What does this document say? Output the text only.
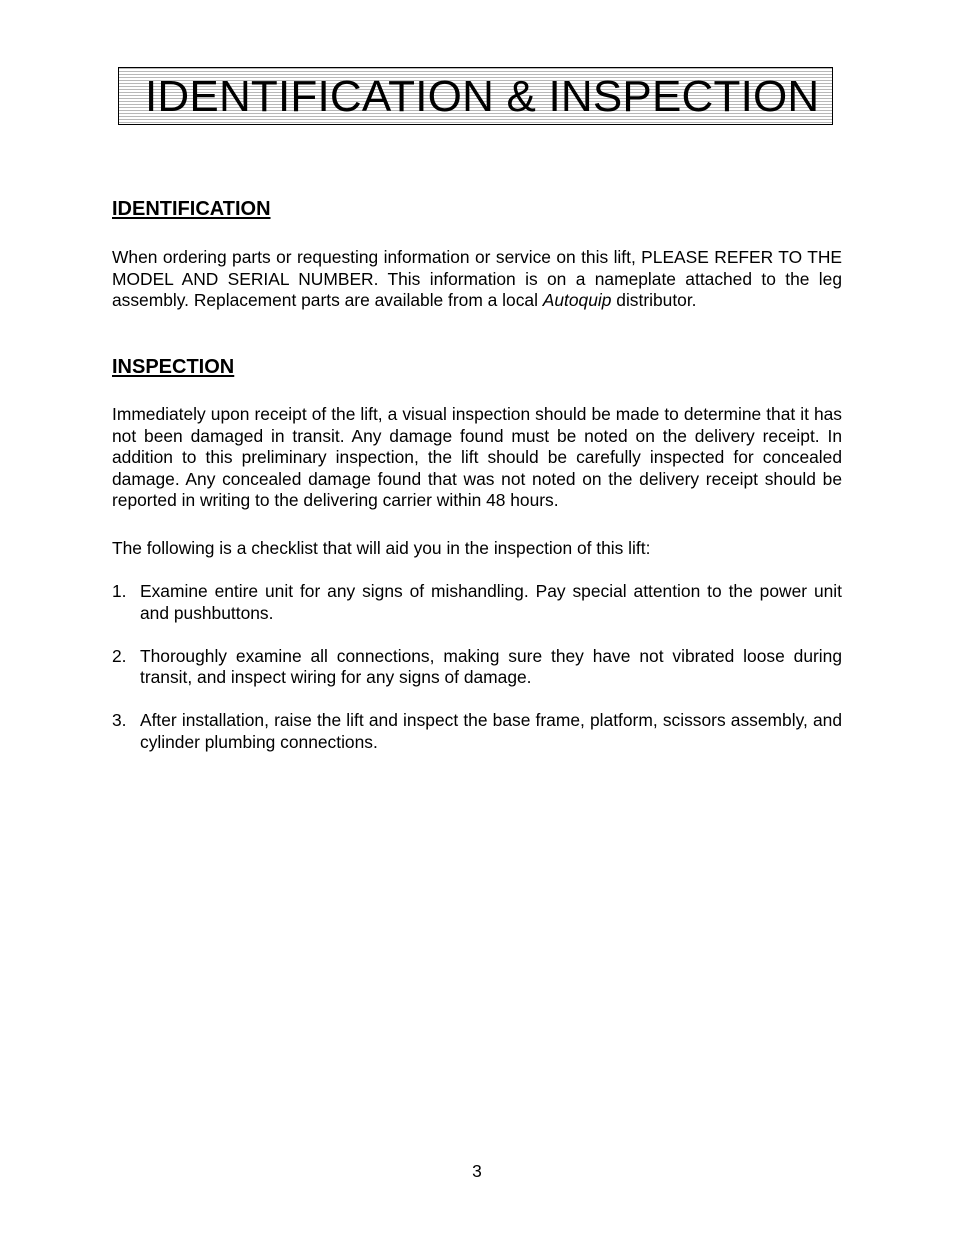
IDENTIFICATION & INSPECTION
IDENTIFICATION

When ordering parts or requesting information or service on this lift, PLEASE REFER TO THE MODEL AND SERIAL NUMBER. This information is on a nameplate attached to the leg assembly. Replacement parts are available from a local Autoquip distributor.

INSPECTION

Immediately upon receipt of the lift, a visual inspection should be made to determine that it has not been damaged in transit. Any damage found must be noted on the delivery receipt. In addition to this preliminary inspection, the lift should be carefully inspected for concealed damage. Any concealed damage found that was not noted on the delivery receipt should be reported in writing to the delivering carrier within 48 hours.

The following is a checklist that will aid you in the inspection of this lift:

1. Examine entire unit for any signs of mishandling. Pay special attention to the power unit and pushbuttons.
2. Thoroughly examine all connections, making sure they have not vibrated loose during transit, and inspect wiring for any signs of damage.
3. After installation, raise the lift and inspect the base frame, platform, scissors assembly, and cylinder plumbing connections.
3
